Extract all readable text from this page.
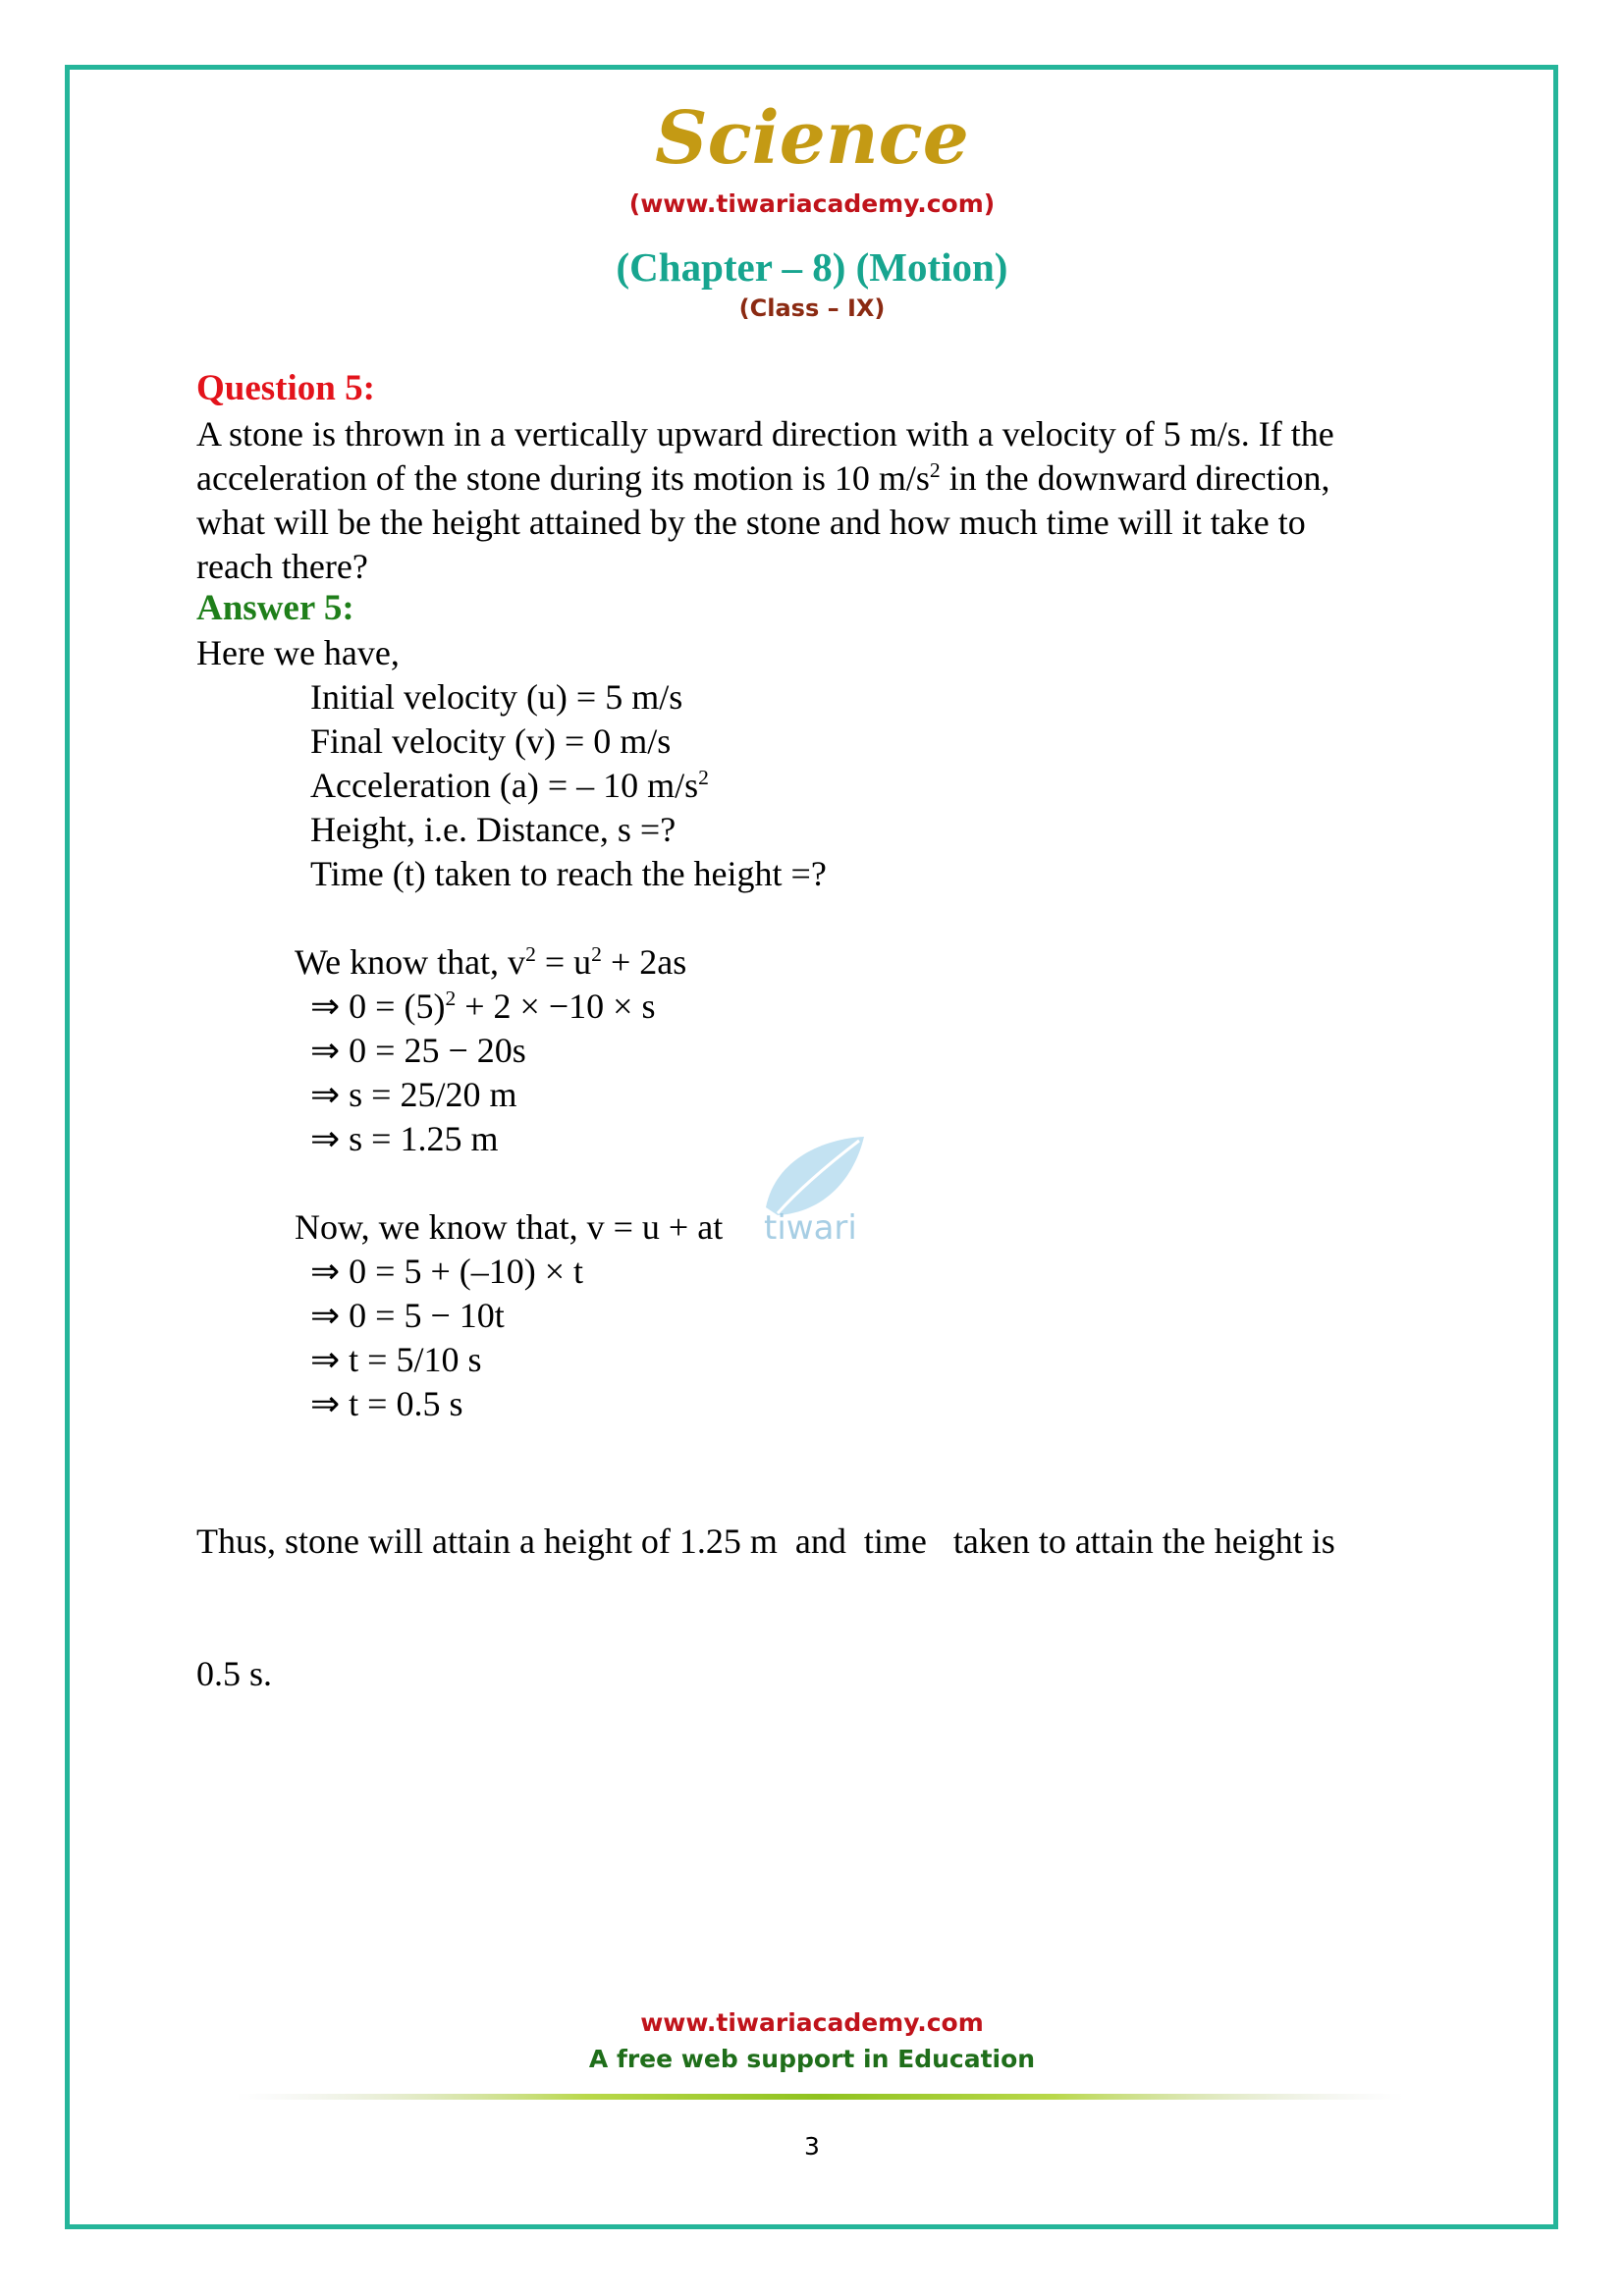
Science
(www.tiwariacademy.com)
(Chapter – 8) (Motion)
(Class – IX)
Question 5:
A stone is thrown in a vertically upward direction with a velocity of 5 m/s. If the
acceleration of the stone during its motion is 10 $m/s^2$ in the downward direction,
what will be the height attained by the stone and how much time will it take to
reach there?
Answer 5:
Here we have,
Initial velocity (u) = 5 m/s
Final velocity (v) = 0 m/s
Acceleration (a) = – 10 $m/s^2$
Height, i.e. Distance, s =?
Time (t) taken to reach the height =?
We know that, $v^2 = u^2 + 2as$
⇒ $0 = (5)^2 + 2 \times -10 \times s$
⇒ 0 = 25 − 20s
⇒ s = 25/20 m
⇒ s = 1.25 m
tiwari
Now, we know that, v = u + at
⇒ 0 = 5 + (–10) × t
⇒ 0 = 5 − 10t
⇒ t = 5/10 s
⇒ t = 0.5 s

Thus, stone will attain a height of 1.25 m  and  time   taken to attain the height is

0.5 s.

www.tiwariacademy.com
A free web support in Education
3
